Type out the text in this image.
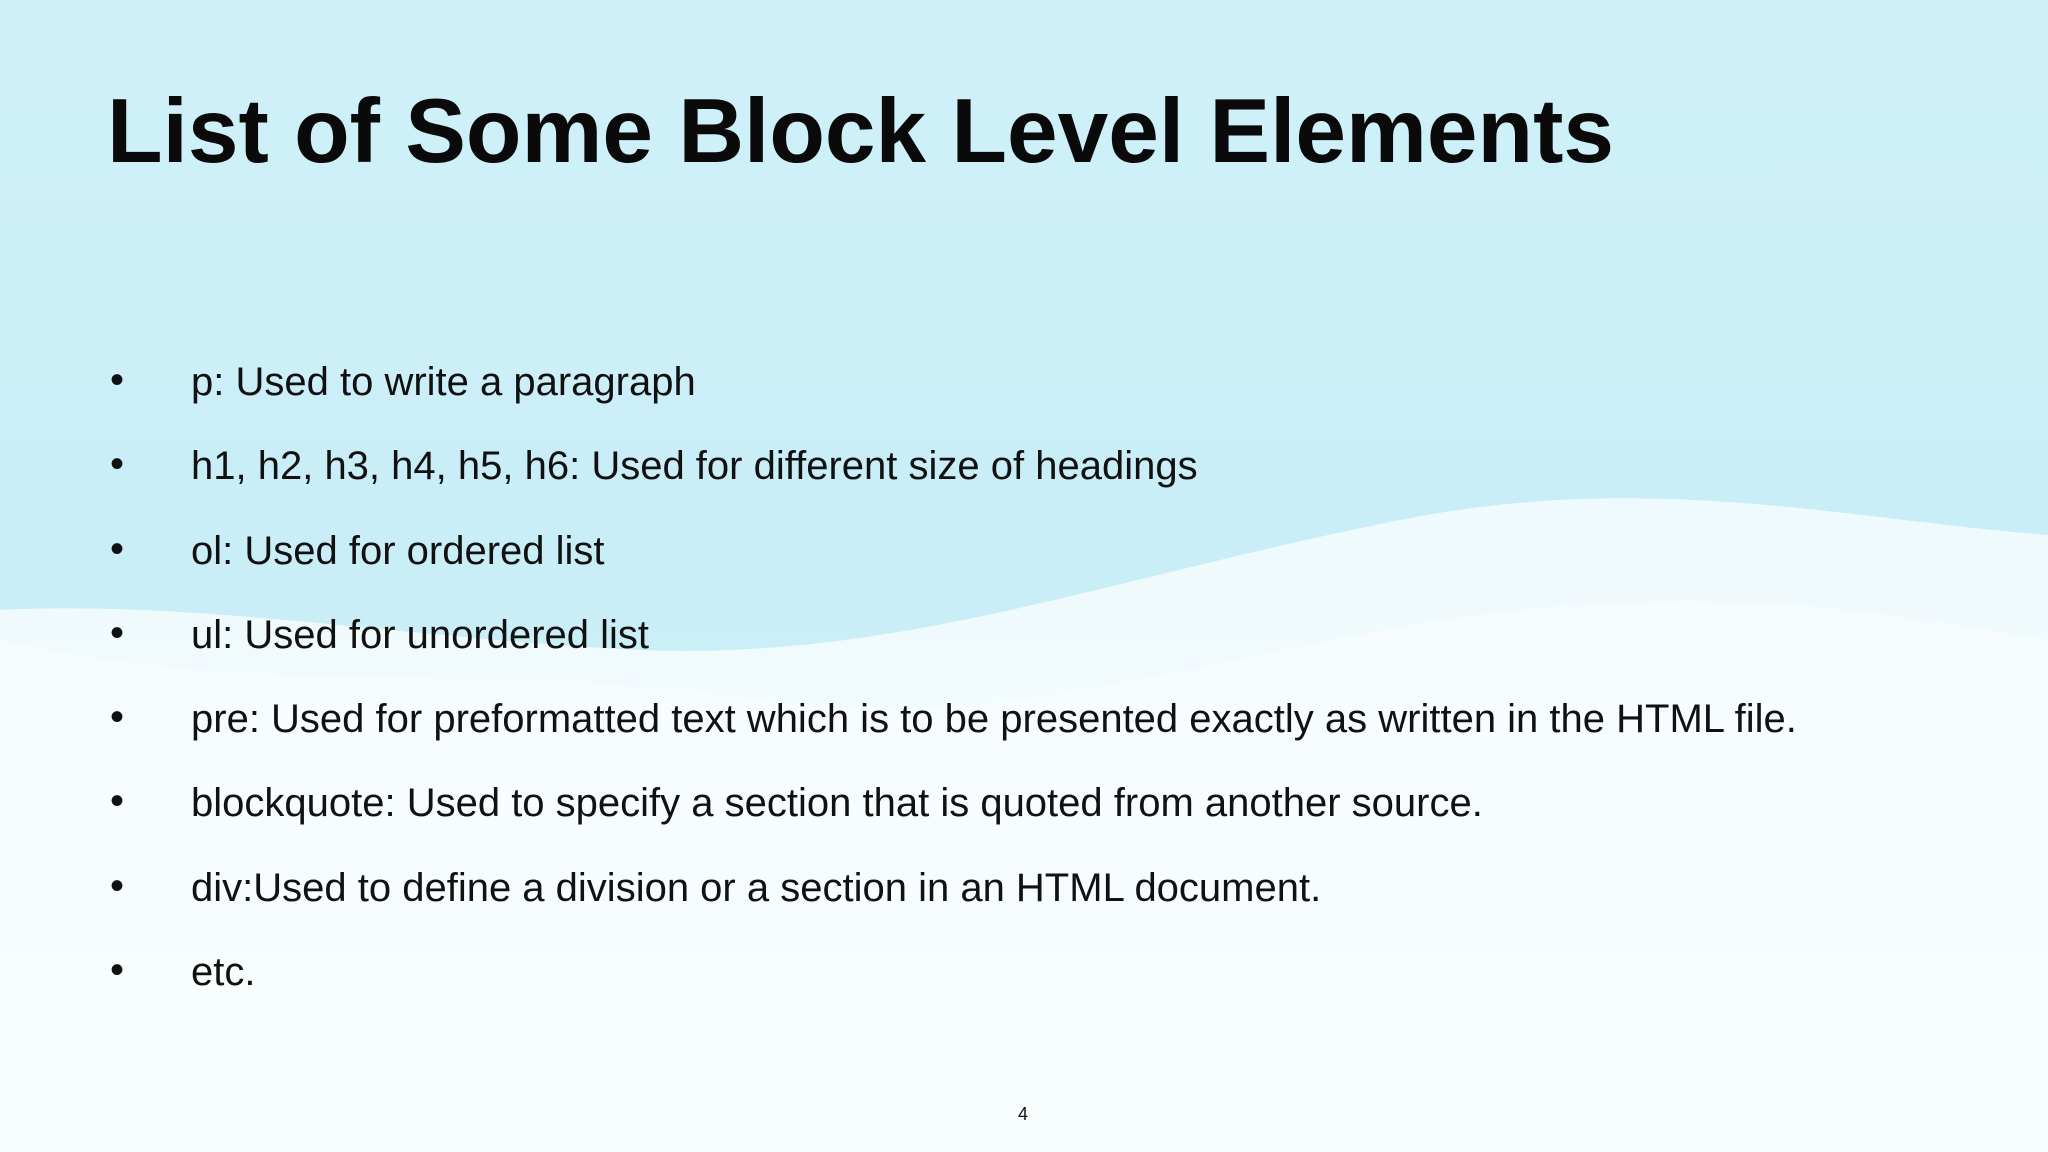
List of Some Block Level Elements
•	p: Used to write a paragraph
•	h1, h2, h3, h4, h5, h6: Used for different size of headings
•	ol: Used for ordered list
•	ul: Used for unordered list
•	pre: Used for preformatted text which is to be presented exactly as written in the HTML file.
•	blockquote: Used to specify a section that is quoted from another source.
•	div:Used to define a division or a section in an HTML document.
•	etc.
4
